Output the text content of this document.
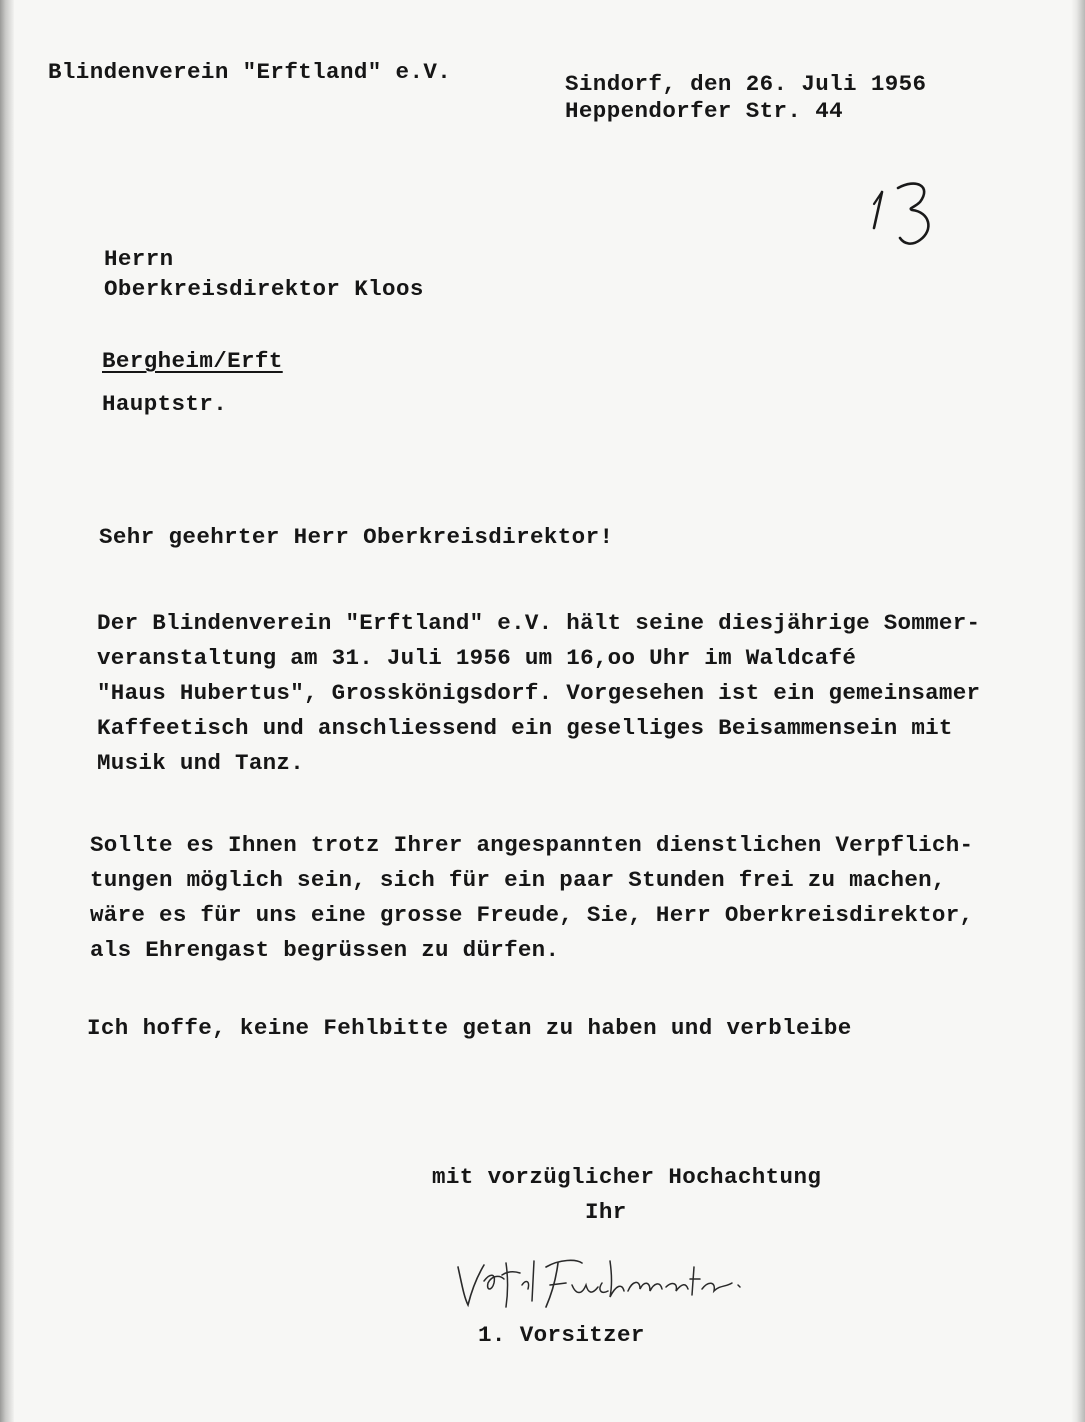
Blindenverein "Erftland" e.V.	Sindorf, den 26. Juli 1956
Heppendorfer Str. 44
Herrn
Oberkreisdirektor Kloos
Bergheim/Erft
Hauptstr.
Sehr geehrter Herr Oberkreisdirektor!
Der Blindenverein "Erftland" e.V. hält seine diesjährige Sommer-
veranstaltung am 31. Juli 1956 um 16,oo Uhr im Waldcafé
"Haus Hubertus", Grosskönigsdorf. Vorgesehen ist ein gemeinsamer
Kaffeetisch und anschliessend ein geselliges Beisammensein mit
Musik und Tanz.
Sollte es Ihnen trotz Ihrer angespannten dienstlichen Verpflich-
tungen möglich sein, sich für ein paar Stunden frei zu machen,
wäre es für uns eine grosse Freude, Sie, Herr Oberkreisdirektor,
als Ehrengast begrüssen zu dürfen.
Ich hoffe, keine Fehlbitte getan zu haben und verbleibe
mit vorzüglicher Hochachtung
Ihr
1. Vorsitzer
